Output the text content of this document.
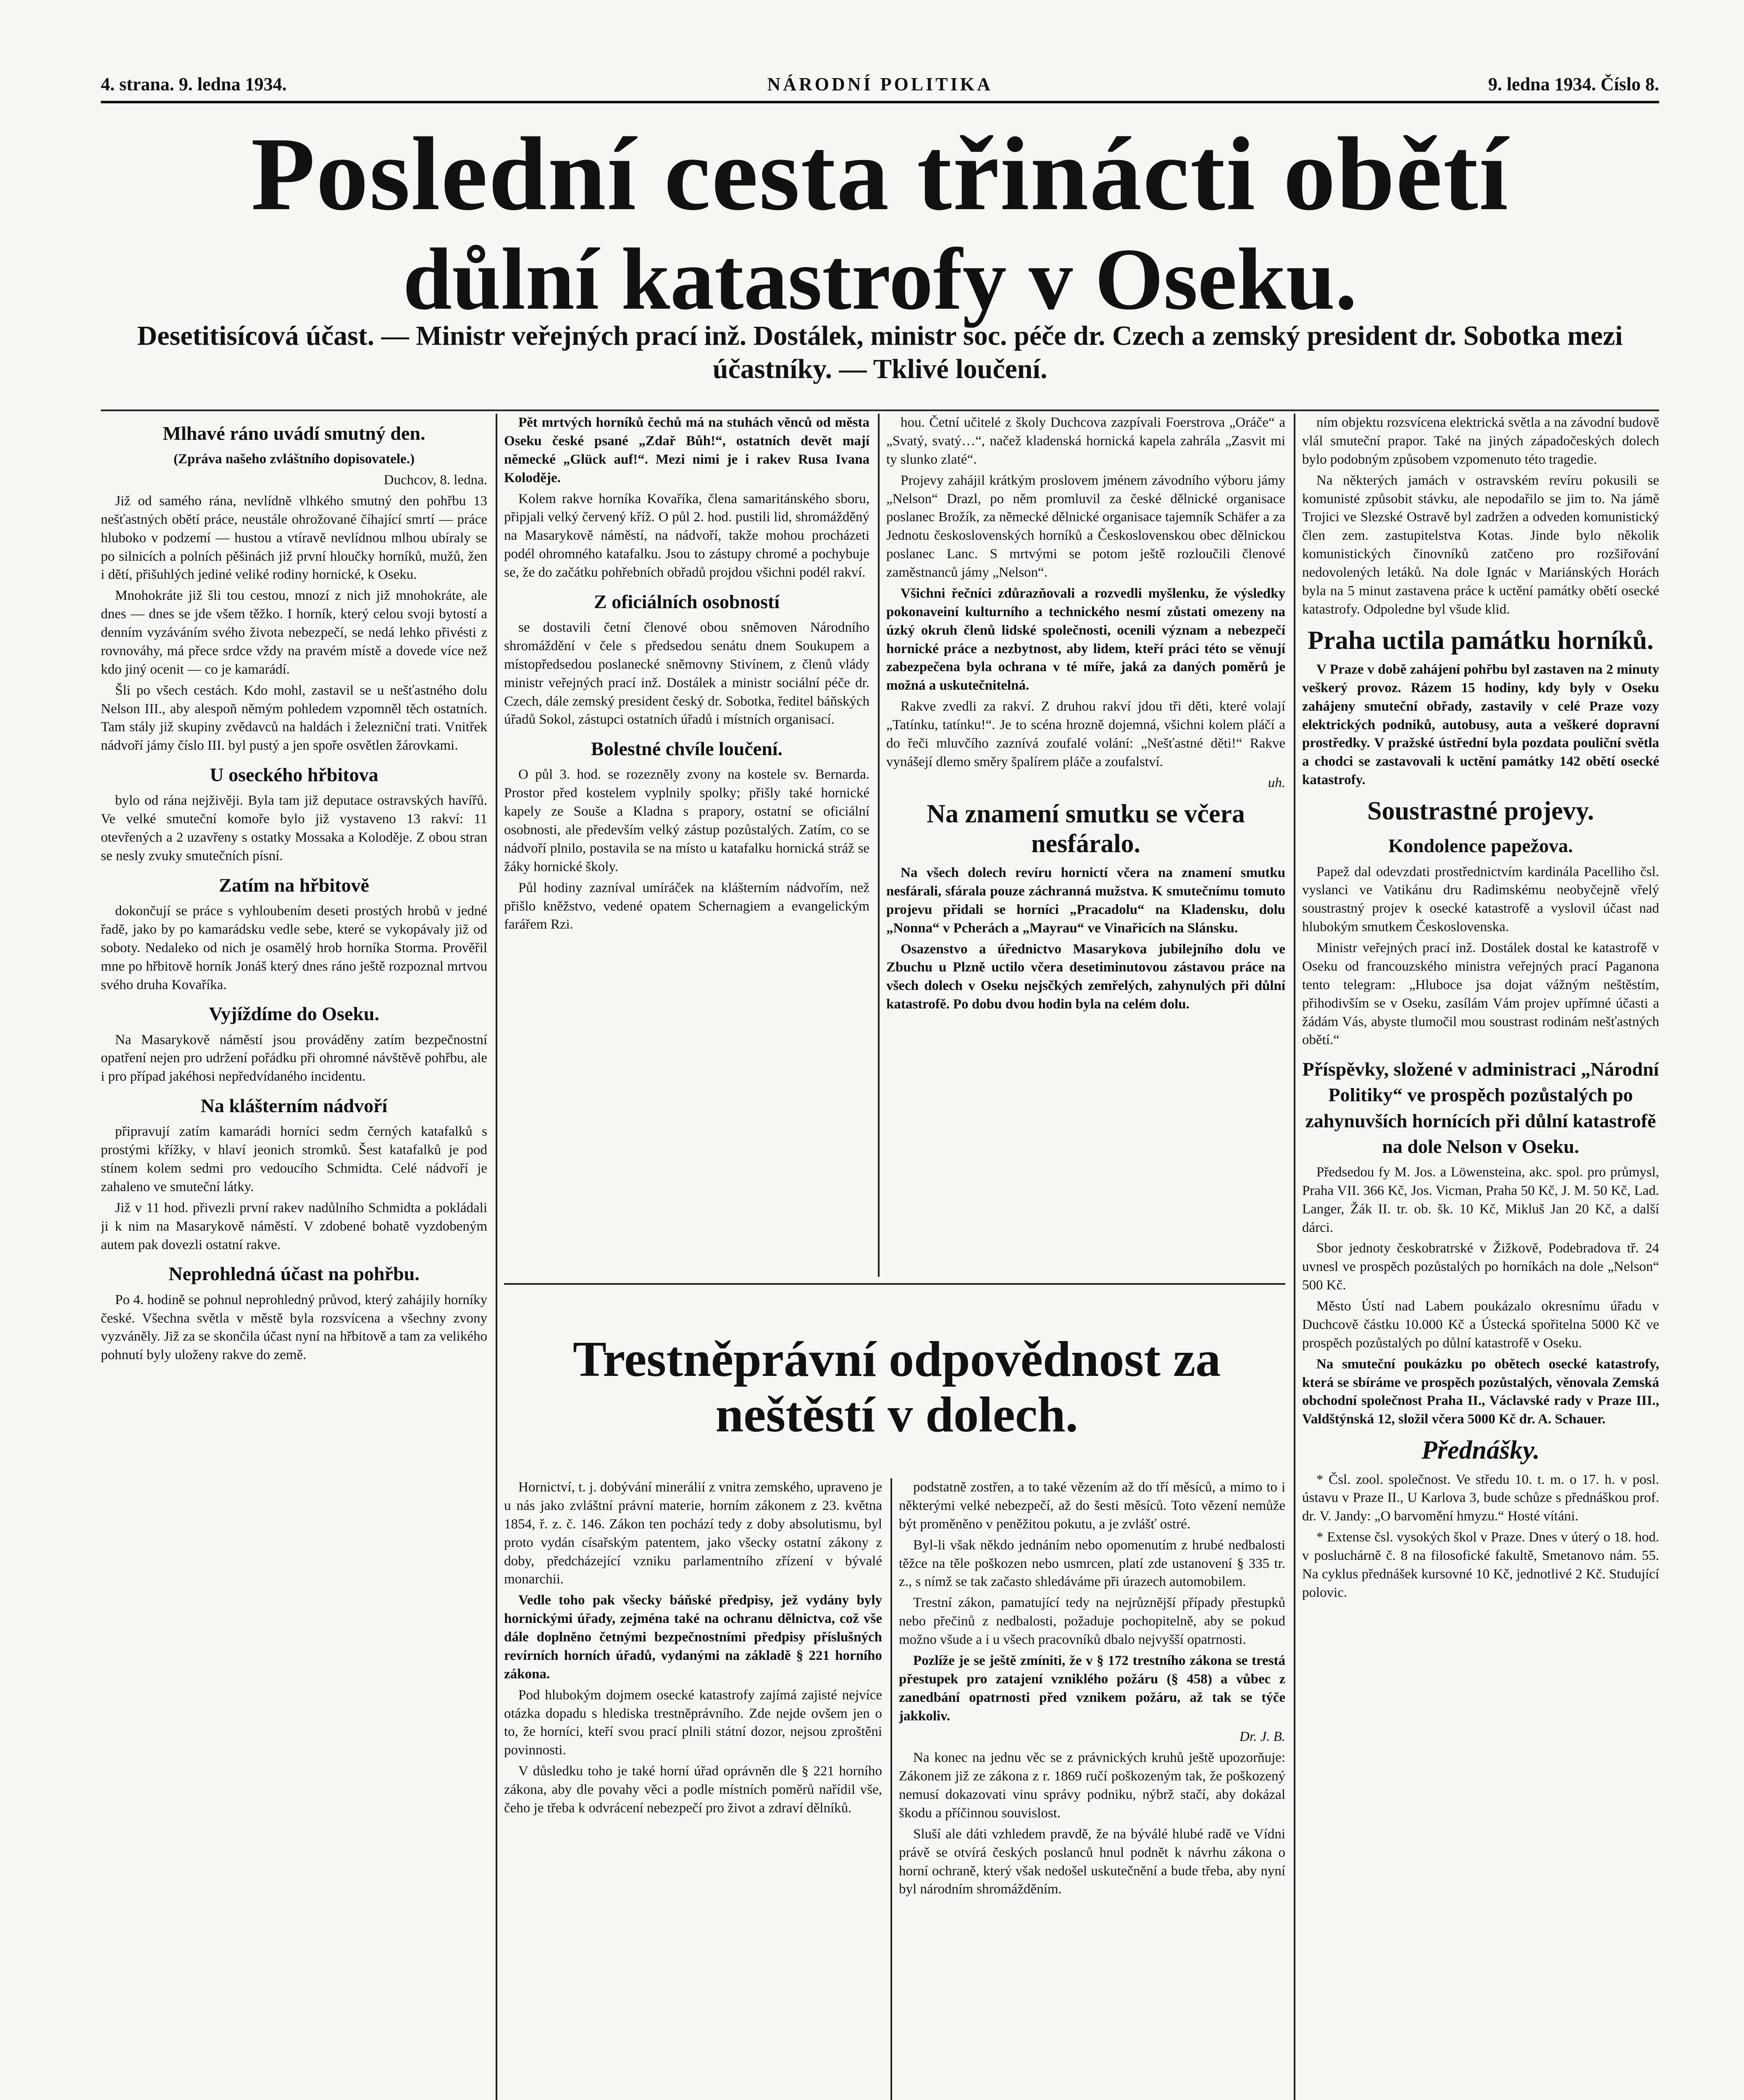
4. strana. 9. ledna 1934.	NÁRODNÍ POLITIKA	9. ledna 1934. Číslo 8.
Poslední cesta třinácti obětí
důlní katastrofy v Oseku.
Desetitisícová účast. — Ministr veřejných prací inž. Dostálek, ministr soc. péče dr. Czech a zemský president dr. Sobotka mezi účastníky. — Tklivé loučení.
Mlhavé ráno uvádí smutný den.

(Zpráva našeho zvláštního dopisovatele.)

Duchcov, 8. ledna.

Již od samého rána, nevlídně vlhkého smutný den pohřbu 13 nešťastných obětí práce, neustále ohrožované číhající smrtí — práce hluboko v podzemí — hustou a vtíravě nevlídnou mlhou ubíraly se po silnicích a polních pěšinách již první hloučky horníků, mužů, žen i dětí, přišuhlých jediné veliké rodiny hornické, k Oseku.

Mnohokráte již šli tou cestou, mnozí z nich již mnohokráte, ale dnes — dnes se jde všem těžko. I horník, který celou svoji bytostí a denním vyzáváním svého života nebezpečí, se nedá lehko přivésti z rovnováhy, má přece srdce vždy na pravém místě a dovede více než kdo jiný ocenit — co je kamarádí.

Šli po všech cestách. Kdo mohl, zastavil se u nešťastného dolu Nelson III., aby alespoň němým pohledem vzpomněl těch ostatních. Tam stály již skupiny zvědavců na haldách i železniční trati. Vnitřek nádvoří jámy číslo III. byl pustý a jen spoře osvětlen žárovkami.

U oseckého hřbitova

bylo od rána nejživěji. Byla tam již deputace ostravských havířů. Ve velké smuteční komoře bylo již vystaveno 13 rakví: 11 otevřených a 2 uzavřeny s ostatky Mossaka a Koloděje. Z obou stran se nesly zvuky smutečních písní.

Zatím na hřbitově

dokončují se práce s vyhloubením deseti prostých hrobů v jedné řadě, jako by po kamarádsku vedle sebe, které se vykopávaly již od soboty. Nedaleko od nich je osamělý hrob horníka Storma. Prověřil mne po hřbitově horník Jonáš který dnes ráno ještě rozpoznal mrtvou svého druha Kovaříka.

Vyjíždíme do Oseku.

Na Masarykově náměstí jsou prováděny zatím bezpečnostní opatření nejen pro udržení pořádku při ohromné návštěvě pohřbu, ale i pro případ jakéhosi nepředvídaného incidentu.

Na klášterním nádvoří

připravují zatím kamarádi horníci sedm černých katafalků s prostými křížky, v hlaví jeonich stromků. Šest katafalků je pod stínem kolem sedmi pro vedoucího Schmidta. Celé nádvoří je zahaleno ve smuteční látky.

Již v 11 hod. přivezli první rakev nadůlního Schmidta a pokládali ji k nim na Masarykově náměstí. V zdobené bohatě vyzdobeným autem pak dovezli ostatní rakve.

Neprohledná účast na pohřbu.

Po 4. hodině se pohnul neprohledný průvod, který zahájily horníky české. Všechna světla v městě byla rozsvícena a všechny zvony vyzváněly. Již za se skončila účast nyní na hřbitově a tam za velikého pohnutí byly uloženy rakve do země.

Pět mrtvých horníků čechů má na stuhách věnců od města Oseku české psané „Zdař Bůh!“, ostatních devět mají německé „Glück auf!“. Mezi nimi je i rakev Rusa Ivana Koloděje.

Kolem rakve horníka Kovaříka, člena samaritánského sboru, připjali velký červený kříž. O půl 2. hod. pustili lid, shromážděný na Masarykově náměstí, na nádvoří, takže mohou procházeti podél ohromného katafalku. Jsou to zástupy chromé a pochybuje se, že do začátku pohřebních obřadů projdou všichni podél rakví.

Z oficiálních osobností

se dostavili četní členové obou sněmoven Národního shromáždění v čele s předsedou senátu dnem Soukupem a místopředsedou poslanecké sněmovny Stivínem, z členů vlády ministr veřejných prací inž. Dostálek a ministr sociální péče dr. Czech, dále zemský president český dr. Sobotka, ředitel báňských úřadů Sokol, zástupci ostatních úřadů i místních organisací.

Bolestné chvíle loučení.

O půl 3. hod. se rozezněly zvony na kostele sv. Bernarda. Prostor před kostelem vyplnily spolky; přišly také hornické kapely ze Souše a Kladna s prapory, ostatní se oficiální osobnosti, ale především velký zástup pozůstalých. Zatím, co se nádvoří plnilo, postavila se na místo u katafalku hornická stráž se žáky hornické školy.

Půl hodiny zazníval umíráček na klášterním nádvořím, než přišlo kněžstvo, vedené opatem Schernagiem a evangelickým farářem Rzi.

hou. Četní učitelé z školy Duchcova zazpívali Foerstrova „Oráče“ a „Svatý, svatý…“, načež kladenská hornická kapela zahrála „Zasvit mi ty slunko zlaté“.

Projevy zahájil krátkým proslovem jménem závodního výboru jámy „Nelson“ Drazl, po něm promluvil za české dělnické organisace poslanec Brožík, za německé dělnické organisace tajemník Schäfer a za Jednotu československých horníků a Československou obec dělnickou poslanec Lanc. S mrtvými se potom ještě rozloučili členové zaměstnanců jámy „Nelson“.

Všichni řečníci zdůrazňovali a rozvedli myšlenku, že výsledky pokonaveiní kulturního a technického nesmí zůstati omezeny na úzký okruh členů lidské společnosti, ocenili význam a nebezpečí hornické práce a nezbytnost, aby lidem, kteří práci této se věnují zabezpečena byla ochrana v té míře, jaká za daných poměrů je možná a uskutečnitelná.

Rakve zvedli za rakví. Z druhou rakví jdou tři děti, které volají „Tatínku, tatínku!“. Je to scéna hrozně dojemná, všichni kolem pláčí a do řeči mluvčího zaznívá zoufalé volání: „Nešťastné děti!“ Rakve vynášejí dlemo směry špalírem pláče a zoufalství.

uh.

Na znamení smutku se včera nesfáralo.

Na všech dolech revíru hornictí včera na znamení smutku nesfárali, sfárala pouze záchranná mužstva. K smutečnímu tomuto projevu přidali se horníci „Pracadolu“ na Kladensku, dolu „Nonna“ v Pcherách a „Mayrau“ ve Vinařicích na Slánsku.

Osazenstvo a úřednictvo Masarykova jubilejního dolu ve Zbuchu u Plzně uctilo včera desetiminutovou zástavou práce na všech dolech v Oseku nejsčkých zemřelých, zahynulých při důlní katastrofě. Po dobu dvou hodin byla na celém dolu.

ním objektu rozsvícena elektrická světla a na závodní budově vlál smuteční prapor. Také na jiných západočeských dolech bylo podobným způsobem vzpomenuto této tragedie.

Na některých jamách v ostravském revíru pokusili se komunisté způsobit stávku, ale nepodařilo se jim to. Na jámě Trojici ve Slezské Ostravě byl zadržen a odveden komunistický člen zem. zastupitelstva Kotas. Jinde bylo několik komunistických činovníků zatčeno pro rozšiřování nedovolených letáků. Na dole Ignác v Mariánských Horách byla na 5 minut zastavena práce k uctění památky obětí osecké katastrofy. Odpoledne byl všude klid.

Praha uctila památku horníků.

V Praze v době zahájení pohřbu byl zastaven na 2 minuty veškerý provoz. Rázem 15 hodiny, kdy byly v Oseku zahájeny smuteční obřady, zastavily v celé Praze vozy elektrických podniků, autobusy, auta a veškeré dopravní prostředky. V pražské ústřední byla pozdata pouliční světla a chodci se zastavovali k uctění památky 142 obětí osecké katastrofy.

Soustrastné projevy.
Kondolence papežova.

Papež dal odevzdati prostřednictvím kardinála Pacelliho čsl. vyslanci ve Vatikánu dru Radimskému neobyčejně vřelý soustrastný projev k osecké katastrofě a vyslovil účast nad hlubokým smutkem Československa.

Ministr veřejných prací inž. Dostálek dostal ke katastrofě v Oseku od francouzského ministra veřejných prací Paganona tento telegram: „Hluboce jsa dojat vážným neštěstím, přihodivším se v Oseku, zasílám Vám projev upřímné účasti a žádám Vás, abyste tlumočil mou soustrast rodinám nešťastných obětí.“

Příspěvky, složené v administraci „Národní Politiky“ ve prospěch pozůstalých po zahynuvších hornících při důlní katastrofě na dole Nelson v Oseku.

Předsedou fy M. Jos. a Löwensteina, akc. spol. pro průmysl, Praha VII. 366 Kč, Jos. Vicman, Praha 50 Kč, J. M. 50 Kč, Lad. Langer, Žák II. tr. ob. šk. 10 Kč, Mikluš Jan 20 Kč, a další dárci.

Sbor jednoty českobratrské v Žižkově, Podebradova tř. 24 uvnesl ve prospěch pozůstalých po horníkách na dole „Nelson“ 500 Kč.

Město Ústí nad Labem poukázalo okresnímu úřadu v Duchcově částku 10.000 Kč a Ústecká spořitelna 5000 Kč ve prospěch pozůstalých po důlní katastrofě v Oseku.

Na smuteční poukázku po obětech osecké katastrofy, která se sbíráme ve prospěch pozůstalých, věnovala Zemská obchodní společnost Praha II., Václavské rady v Praze III., Valdštýnská 12, složil včera 5000 Kč dr. A. Schauer.

Přednášky.

* Čsl. zool. společnost. Ve středu 10. t. m. o 17. h. v posl. ústavu v Praze II., U Karlova 3, bude schůze s přednáškou prof. dr. V. Jandy: „O barvomění hmyzu.“ Hosté vítáni.

* Extense čsl. vysokých škol v Praze. Dnes v úterý o 18. hod. v posluchárně č. 8 na filosofické fakultě, Smetanovo nám. 55. Na cyklus přednášek kursovné 10 Kč, jednotlivé 2 Kč. Studující polovic.

Trestněprávní odpovědnost za neštěstí v dolech.

Hornictví, t. j. dobývání minerálií z vnitra zemského, upraveno je u nás jako zvláštní právní materie, horním zákonem z 23. května 1854, ř. z. č. 146. Zákon ten pochází tedy z doby absolutismu, byl proto vydán císařským patentem, jako všecky ostatní zákony z doby, předcházející vzniku parlamentního zřízení v bývalé monarchii.

Vedle toho pak všecky báňské předpisy, jež vydány byly hornickými úřady, zejména také na ochranu dělnictva, což vše dále doplněno četnými bezpečnostními předpisy příslušných revírních horních úřadů, vydanými na základě § 221 horního zákona.

Pod hlubokým dojmem osecké katastrofy zajímá zajisté nejvíce otázka dopadu s hlediska trestněprávního. Zde nejde ovšem jen o to, že horníci, kteří svou prací plnili státní dozor, nejsou zproštěni povinnosti.

V důsledku toho je také horní úřad oprávněn dle § 221 horního zákona, aby dle povahy věci a podle místních poměrů nařídil vše, čeho je třeba k odvrácení nebezpečí pro život a zdraví dělníků.

podstatně zostřen, a to také vězením až do tří měsíců, a mimo to i některými velké nebezpečí, až do šesti měsíců. Toto vězení nemůže být proměněno v peněžitou pokutu, a je zvlášť ostré.

Byl-li však někdo jednáním nebo opomenutím z hrubé nedbalosti těžce na těle poškozen nebo usmrcen, platí zde ustanovení § 335 tr. z., s nímž se tak začasto shledáváme při úrazech automobilem.

Trestní zákon, pamatující tedy na nejrůznější případy přestupků nebo přečinů z nedbalosti, požaduje pochopitelně, aby se pokud možno všude a i u všech pracovníků dbalo nejvyšší opatrnosti.

Pozlíže je se ještě zmíniti, že v § 172 trestního zákona se trestá přestupek pro zatajení vzniklého požáru (§ 458) a vůbec z zanedbání opatrnosti před vznikem požáru, až tak se týče jakkoliv.

Dr. J. B.

Na konec na jednu věc se z právnických kruhů ještě upozorňuje: Zákonem již ze zákona z r. 1869 ručí poškozeným tak, že poškozený nemusí dokazovati vinu správy podniku, nýbrž stačí, aby dokázal škodu a příčinnou souvislost.

Sluší ale dáti vzhledem pravdě, že na býválé hlubé radě ve Vídni právě se otvírá českých poslanců hnul podnět k návrhu zákona o horní ochraně, který však nedošel uskutečnění a bude třeba, aby nyní byl národním shromážděním.
